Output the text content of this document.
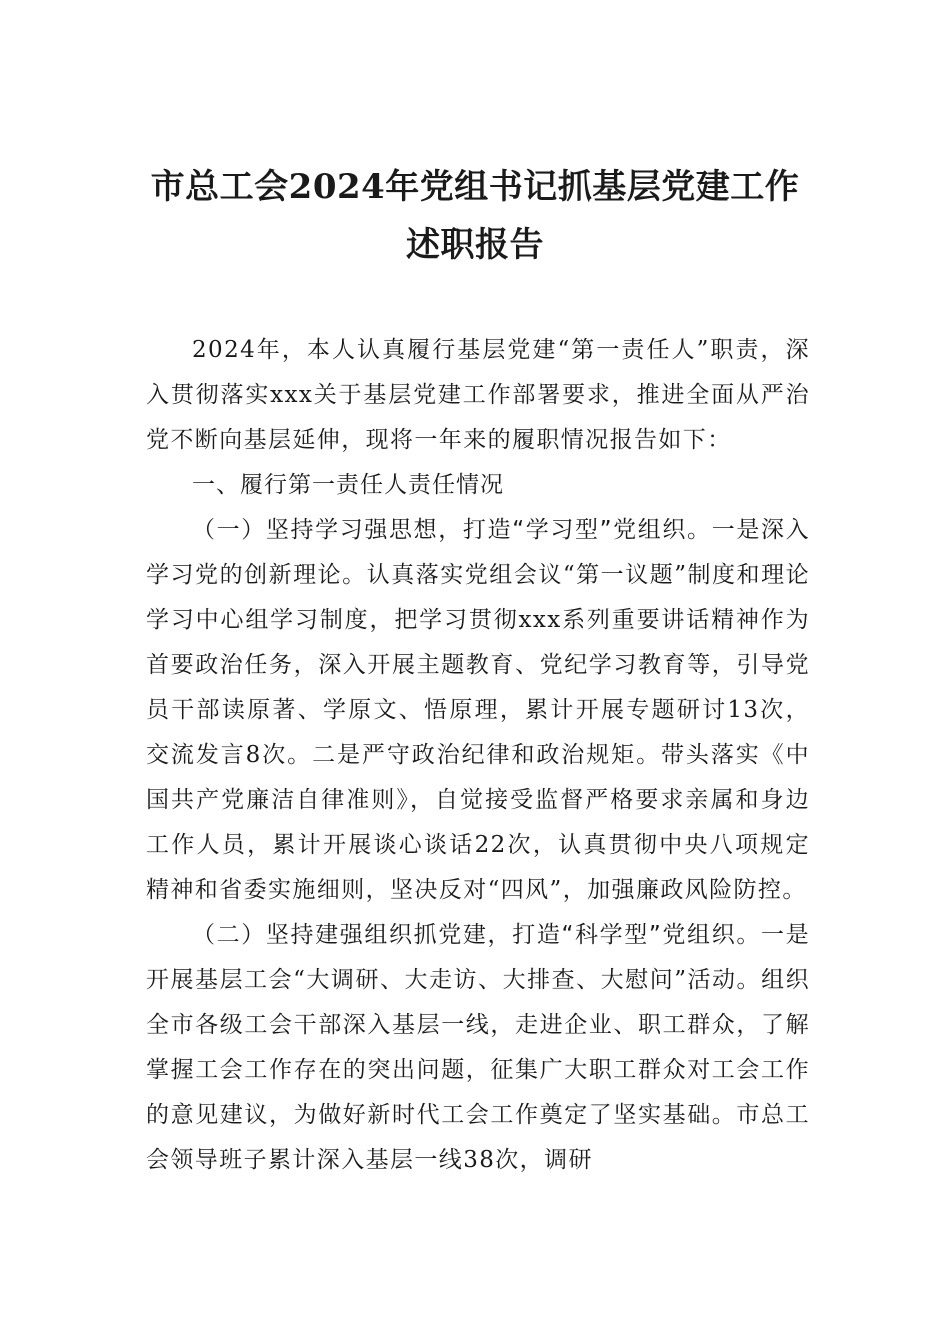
市总工会2024年党组书记抓基层党建工作
述职报告

2024年，本人认真履行基层党建“第一责任人”职责，深入贯彻落实xxx关于基层党建工作部署要求，推进全面从严治党不断向基层延伸，现将一年来的履职情况报告如下：

一、履行第一责任人责任情况

（一）坚持学习强思想，打造“学习型”党组织。一是深入学习党的创新理论。认真落实党组会议“第一议题”制度和理论学习中心组学习制度，把学习贯彻xxx系列重要讲话精神作为首要政治任务，深入开展主题教育、党纪学习教育等，引导党员干部读原著、学原文、悟原理，累计开展专题研讨13次，交流发言8次。二是严守政治纪律和政治规矩。带头落实《中国共产党廉洁自律准则》，自觉接受监督严格要求亲属和身边工作人员，累计开展谈心谈话22次，认真贯彻中央八项规定精神和省委实施细则，坚决反对“四风”，加强廉政风险防控。

（二）坚持建强组织抓党建，打造“科学型”党组织。一是开展基层工会“大调研、大走访、大排查、大慰问”活动。组织全市各级工会干部深入基层一线，走进企业、职工群众，了解掌握工会工作存在的突出问题，征集广大职工群众对工会工作的意见建议，为做好新时代工会工作奠定了坚实基础。市总工会领导班子累计深入基层一线38次，调研
